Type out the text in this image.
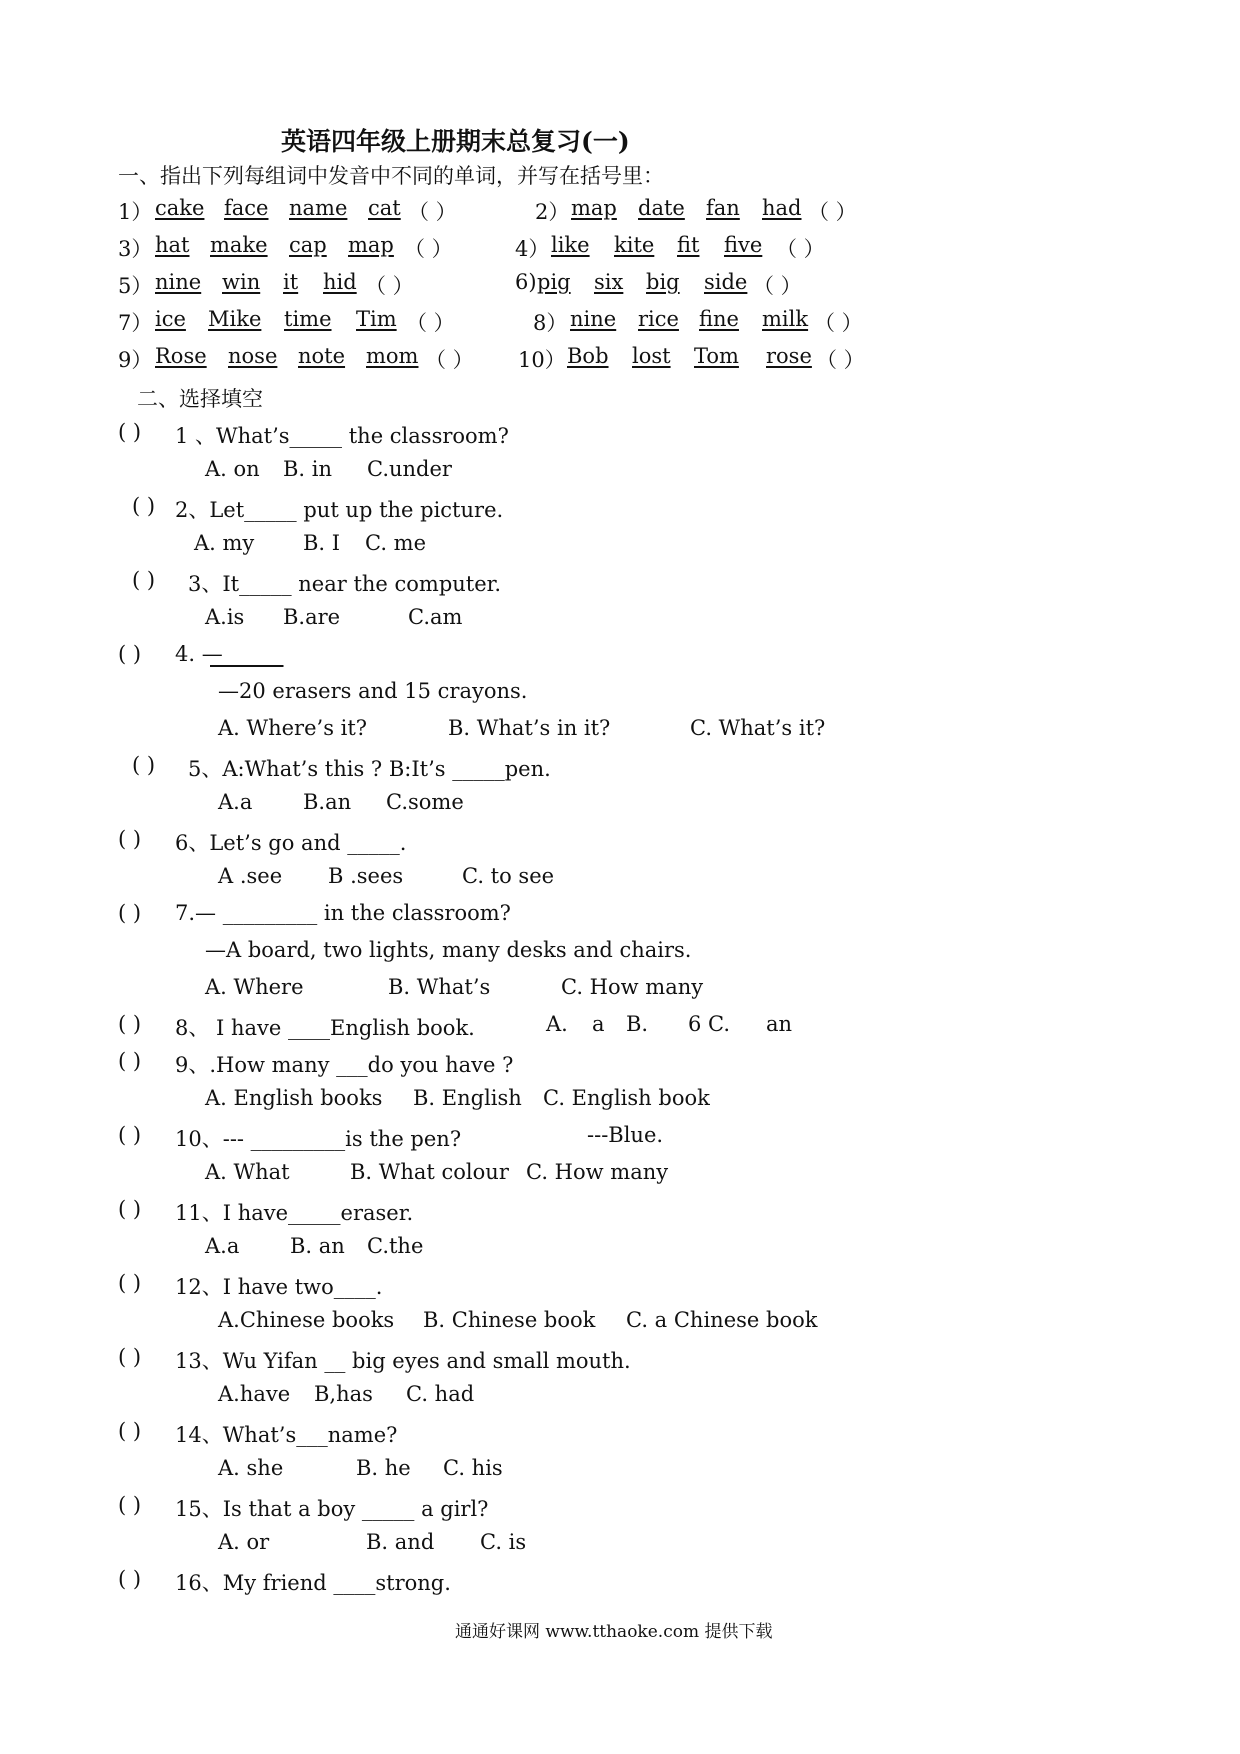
英语四年级上册期末总复习(一)
一、指出下列每组词中发音中不同的单词，并写在括号里：
1） cake face name cat （ ）	2） map date fan had （ ）
3） hat make cap map （ ）	4） like kite fit five （ ）
5） nine win it hid （ ）	6) pig six big side （ ）
7） ice Mike time Tim （ ）	8） nine rice fine milk （ ）
9） Rose nose note mom （ ） 10） Bob lost Tom rose （ ）
二、选择填空
( ) 1 、What’s_____ the classroom?
A. on B. in C.under
( ) 2、Let_____ put up the picture.
A. my B. I C. me
( ) 3、It_____ near the computer.
A.is B.are	C.am
( ) 4. —
_______
—20 erasers and 15 crayons.
A. Where’s it?	B. What’s in it?	C. What’s it?
( ) 5、A:What’s this ? B:It’s _____pen.
A.a B.an C.some
( ) 6、Let’s go and _____.
A .see B .sees	C. to see
( ) 7.— _________ in the classroom?
—A board, two lights, many desks and chairs.
A. Where	B. What’s	C. How many
( ) 8、 I have ____English book.	A. a B. 6 C. an
( ) 9、.How many ___do you have ?
A. English books B. English C. English book
( ) 10、--- _________is the pen?	---Blue.
A. What	B. What colour C. How many
( ) 11、I have_____eraser.
A.a B. an C.the
( ) 12、I have two____.
A.Chinese books B. Chinese book C. a Chinese book
( ) 13、Wu Yifan __ big eyes and small mouth.
A.have B,has C. had
( ) 14、What’s___name?
A. she	B. he C. his
( ) 15、Is that a boy _____ a girl?
A. or	B. and C. is
( ) 16、My friend ____strong.
通通好课网 www.tthaoke.com 提供下载
